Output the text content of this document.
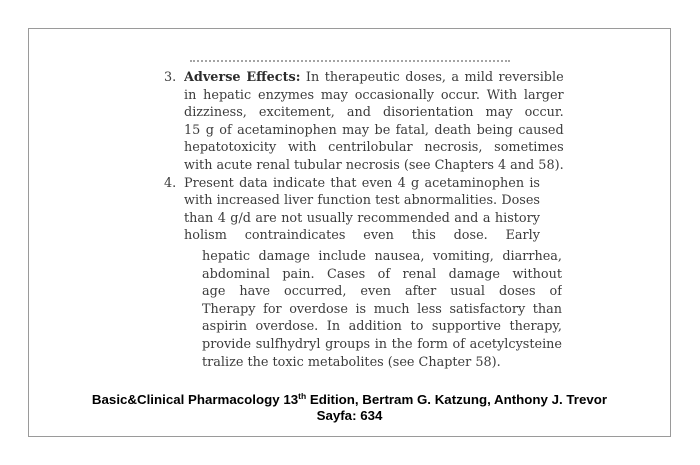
3. Adverse Effects: In therapeutic doses, a mild reversible
in hepatic enzymes may occasionally occur. With larger
dizziness, excitement, and disorientation may occur.
15 g of acetaminophen may be fatal, death being caused
hepatotoxicity with centrilobular necrosis, sometimes
with acute renal tubular necrosis (see Chapters 4 and 58).
4. Present data indicate that even 4 g acetaminophen is
with increased liver function test abnormalities. Doses
than 4 g/d are not usually recommended and a history
holism contraindicates even this dose. Early
hepatic damage include nausea, vomiting, diarrhea,
abdominal pain. Cases of renal damage without
age have occurred, even after usual doses of
Therapy for overdose is much less satisfactory than
aspirin overdose. In addition to supportive therapy,
provide sulfhydryl groups in the form of acetylcysteine
tralize the toxic metabolites (see Chapter 58).
Basic&Clinical Pharmacology 13th Edition, Bertram G. Katzung, Anthony J. Trevor
Sayfa: 634
